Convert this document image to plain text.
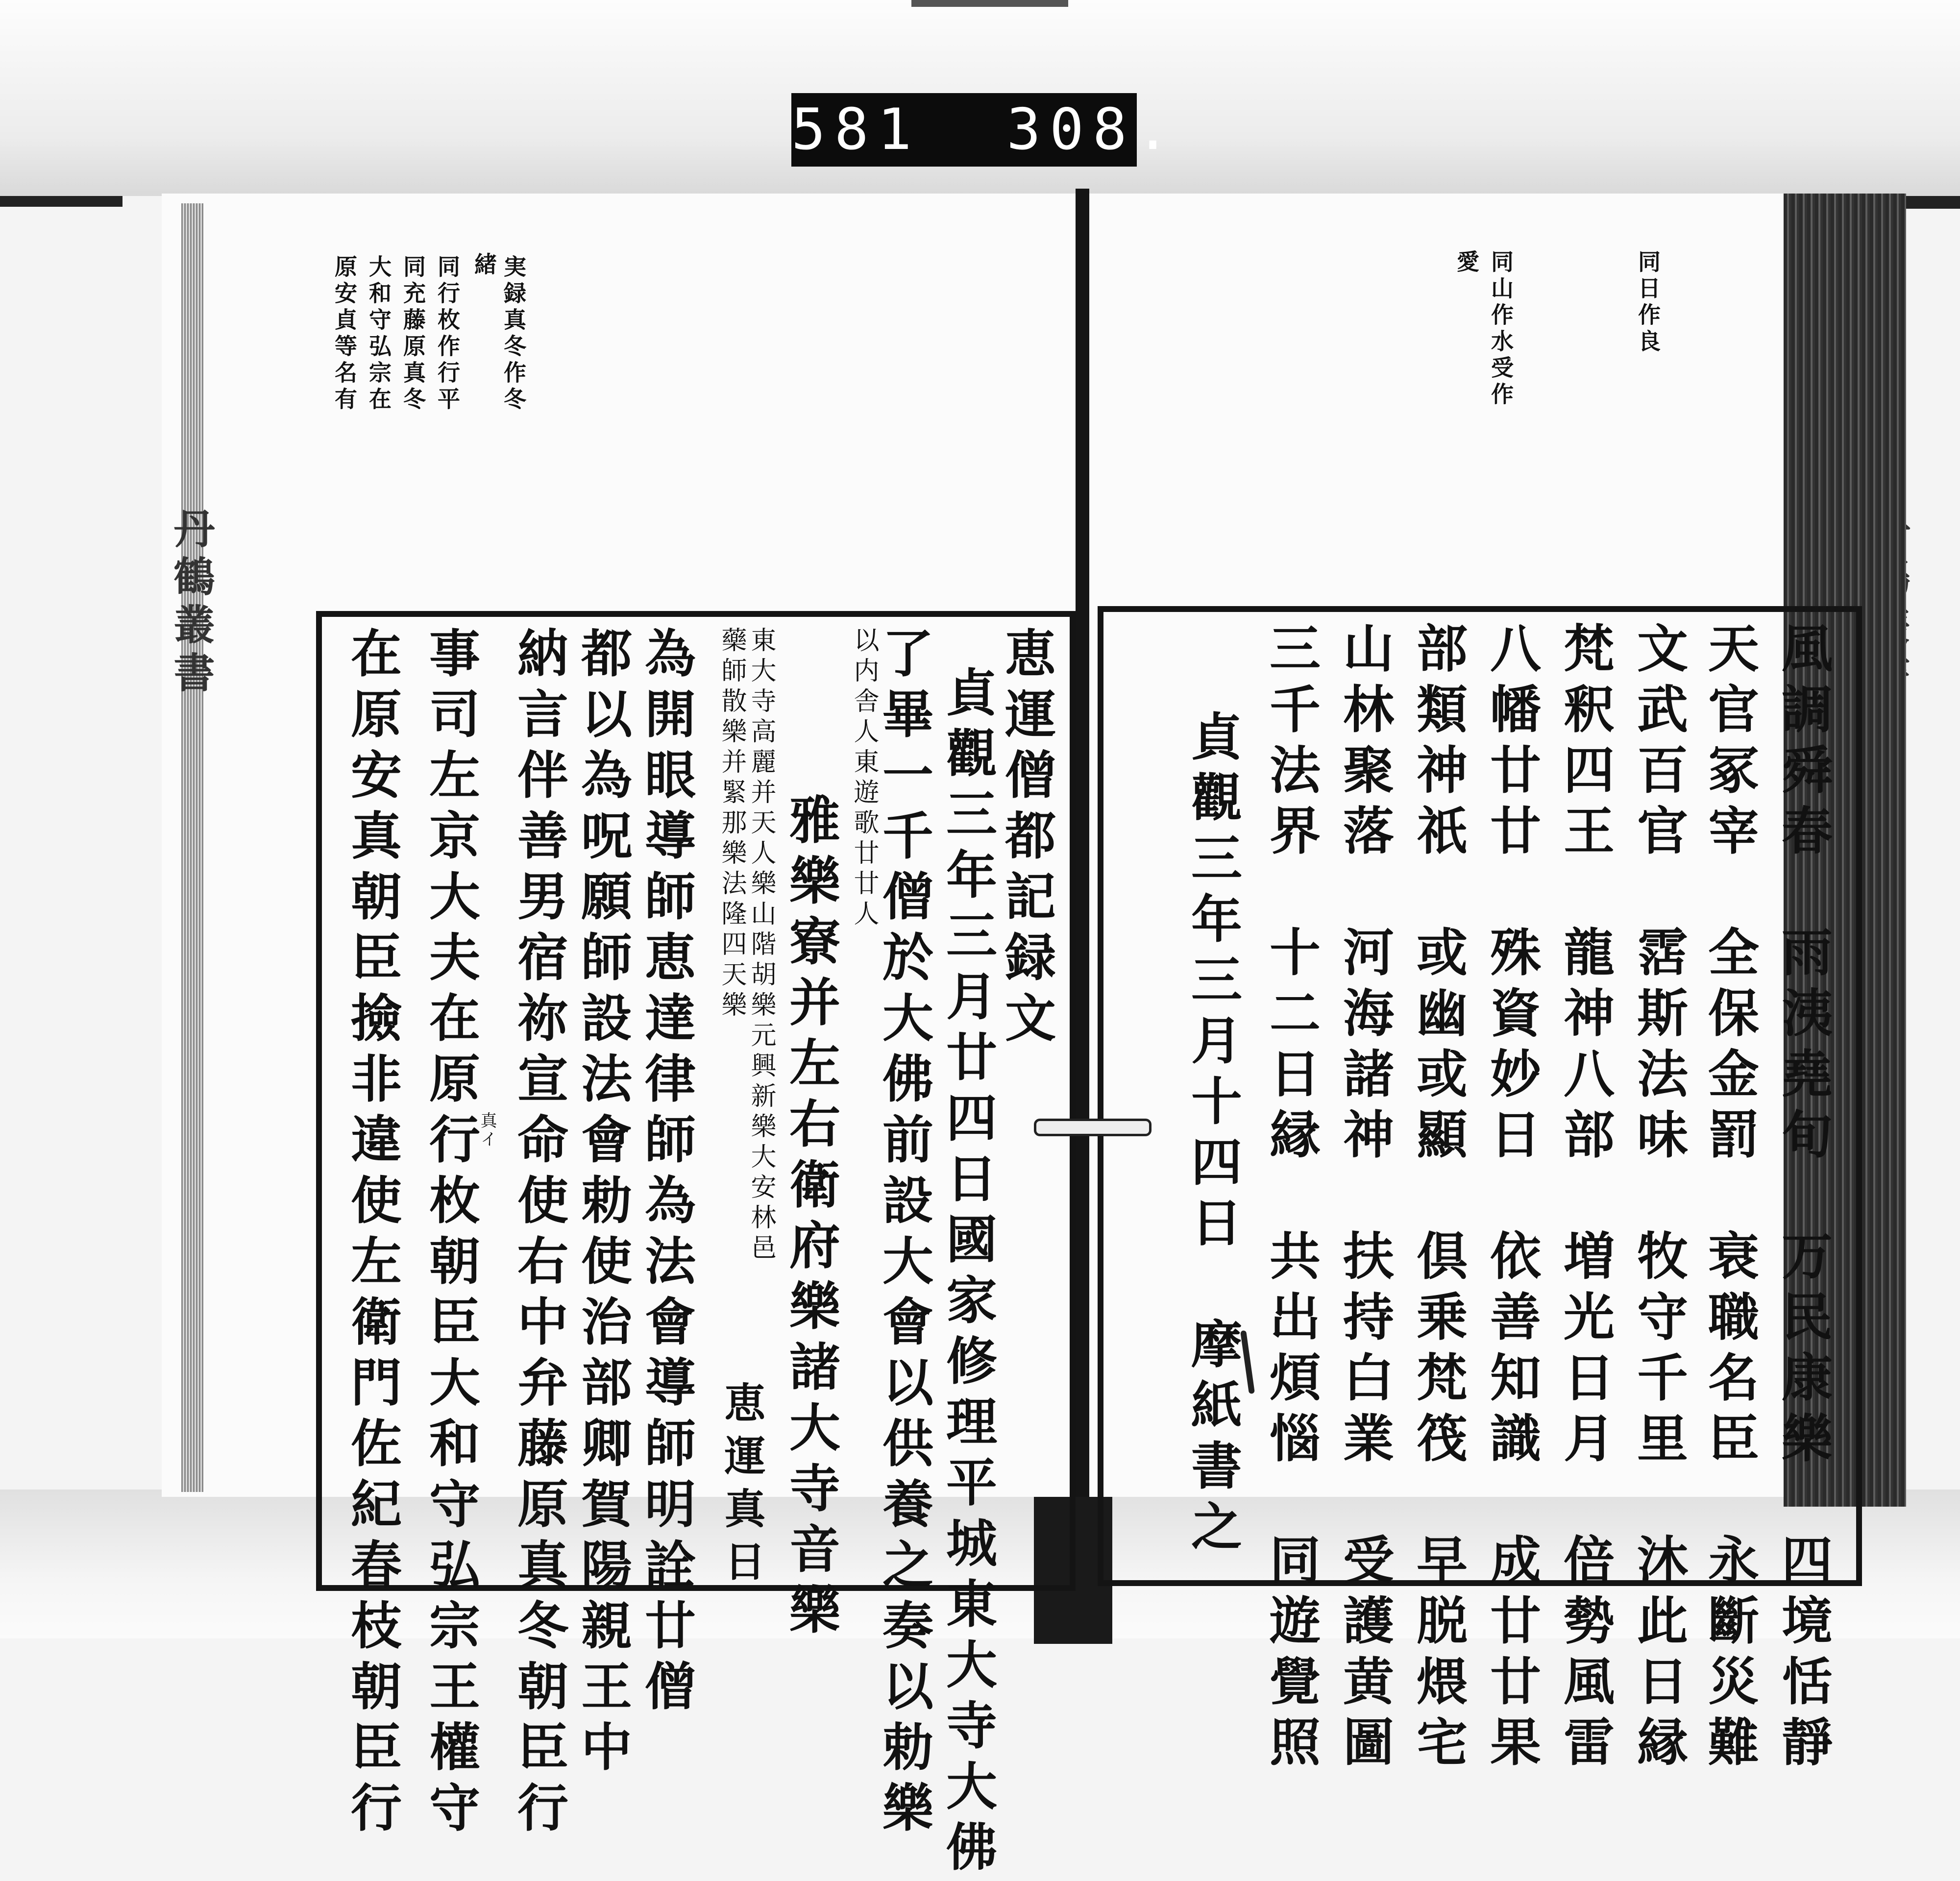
581  308.
丹鶴叢書
実録真冬作冬
緒
同行枚作行平
同充藤原真冬
大和守弘宗在
原安貞等名有	同日作良
同山作水受作
愛
恵運僧都記録文
貞觀三年三月廿四日國家修理平城東大寺大佛
了畢一千僧於大佛前設大會以供養之奏以勅樂
以内舎人東遊歌廿廿人
雅樂寮并左右衛府樂諸大寺音樂
東大寺高麗并天人樂山階胡樂元興新樂大安林邑
藥師散樂并緊那樂法隆四天樂
恵運真日
為開眼導師恵達律師為法會導師明詮廿僧
都以為呪願師設法會勅使治部卿賀陽親王中
納言伴善男宿祢宣命使右中弁藤原真冬朝臣行
真イ
事司左京大夫在原行枚朝臣大和守弘宗王權守
在原安真朝臣撿非違使左衛門佐紀春枝朝臣行	風調舜春　雨洟堯旬　万民康樂　四境恬靜
天官冢宰　全保金罰　衰職名臣　永斷災難
文武百官　霑斯法味　牧守千里　沐此日縁
梵釈四王　龍神八部　増光日月　倍勢風雷
八幡廿廿　殊資妙日　依善知識　成廿廿果
部類神祇　或幽或顯　倶乗梵筏　早脱煨宅
山林聚落　河海諸神　扶持白業　受護黄圖
三千法界　十二日縁　共出煩惱　同遊覺照
貞觀三年三月十四日　摩紙書之
